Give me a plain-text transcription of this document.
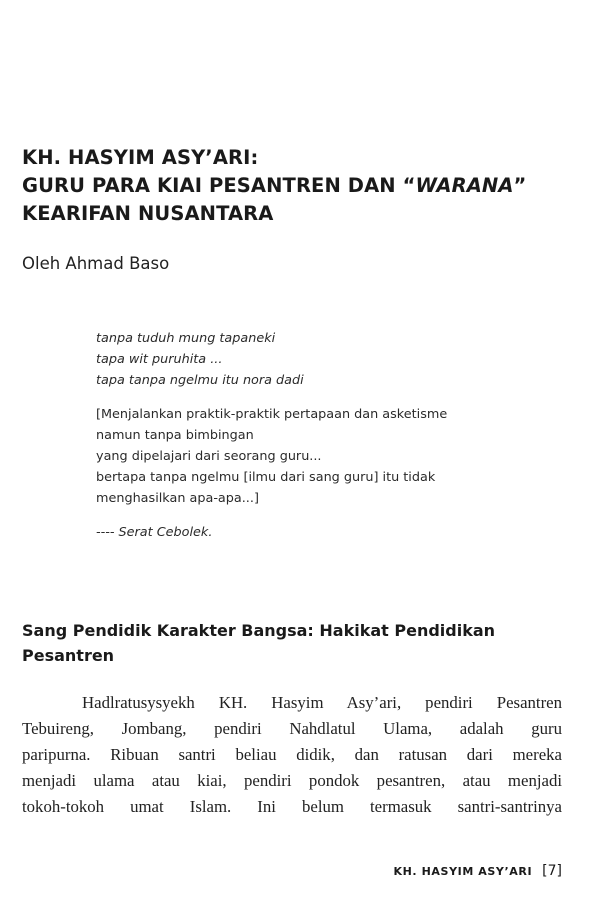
KH. HASYIM ASY’ARI:
GURU PARA KIAI PESANTREN DAN “WARANA”
KEARIFAN NUSANTARA

Oleh Ahmad Baso

tanpa tuduh mung tapaneki
tapa wit puruhita ...
tapa tanpa ngelmu itu nora dadi
[Menjalankan praktik-praktik pertapaan dan asketisme
namun tanpa bimbingan
yang dipelajari dari seorang guru...
bertapa tanpa ngelmu [ilmu dari sang guru] itu tidak
menghasilkan apa-apa...]
---- Serat Cebolek.
Sang Pendidik Karakter Bangsa: Hakikat Pendidikan
Pesantren
Hadlratusysyekh KH. Hasyim Asy’ari, pendiri Pesantren
Tebuireng, Jombang, pendiri Nahdlatul Ulama, adalah guru
paripurna. Ribuan santri beliau didik, dan ratusan dari mereka
menjadi ulama atau kiai, pendiri pondok pesantren, atau menjadi
tokoh-tokoh umat Islam. Ini belum termasuk santri-santrinya
KH. HASYIM ASY’ARI [7]
